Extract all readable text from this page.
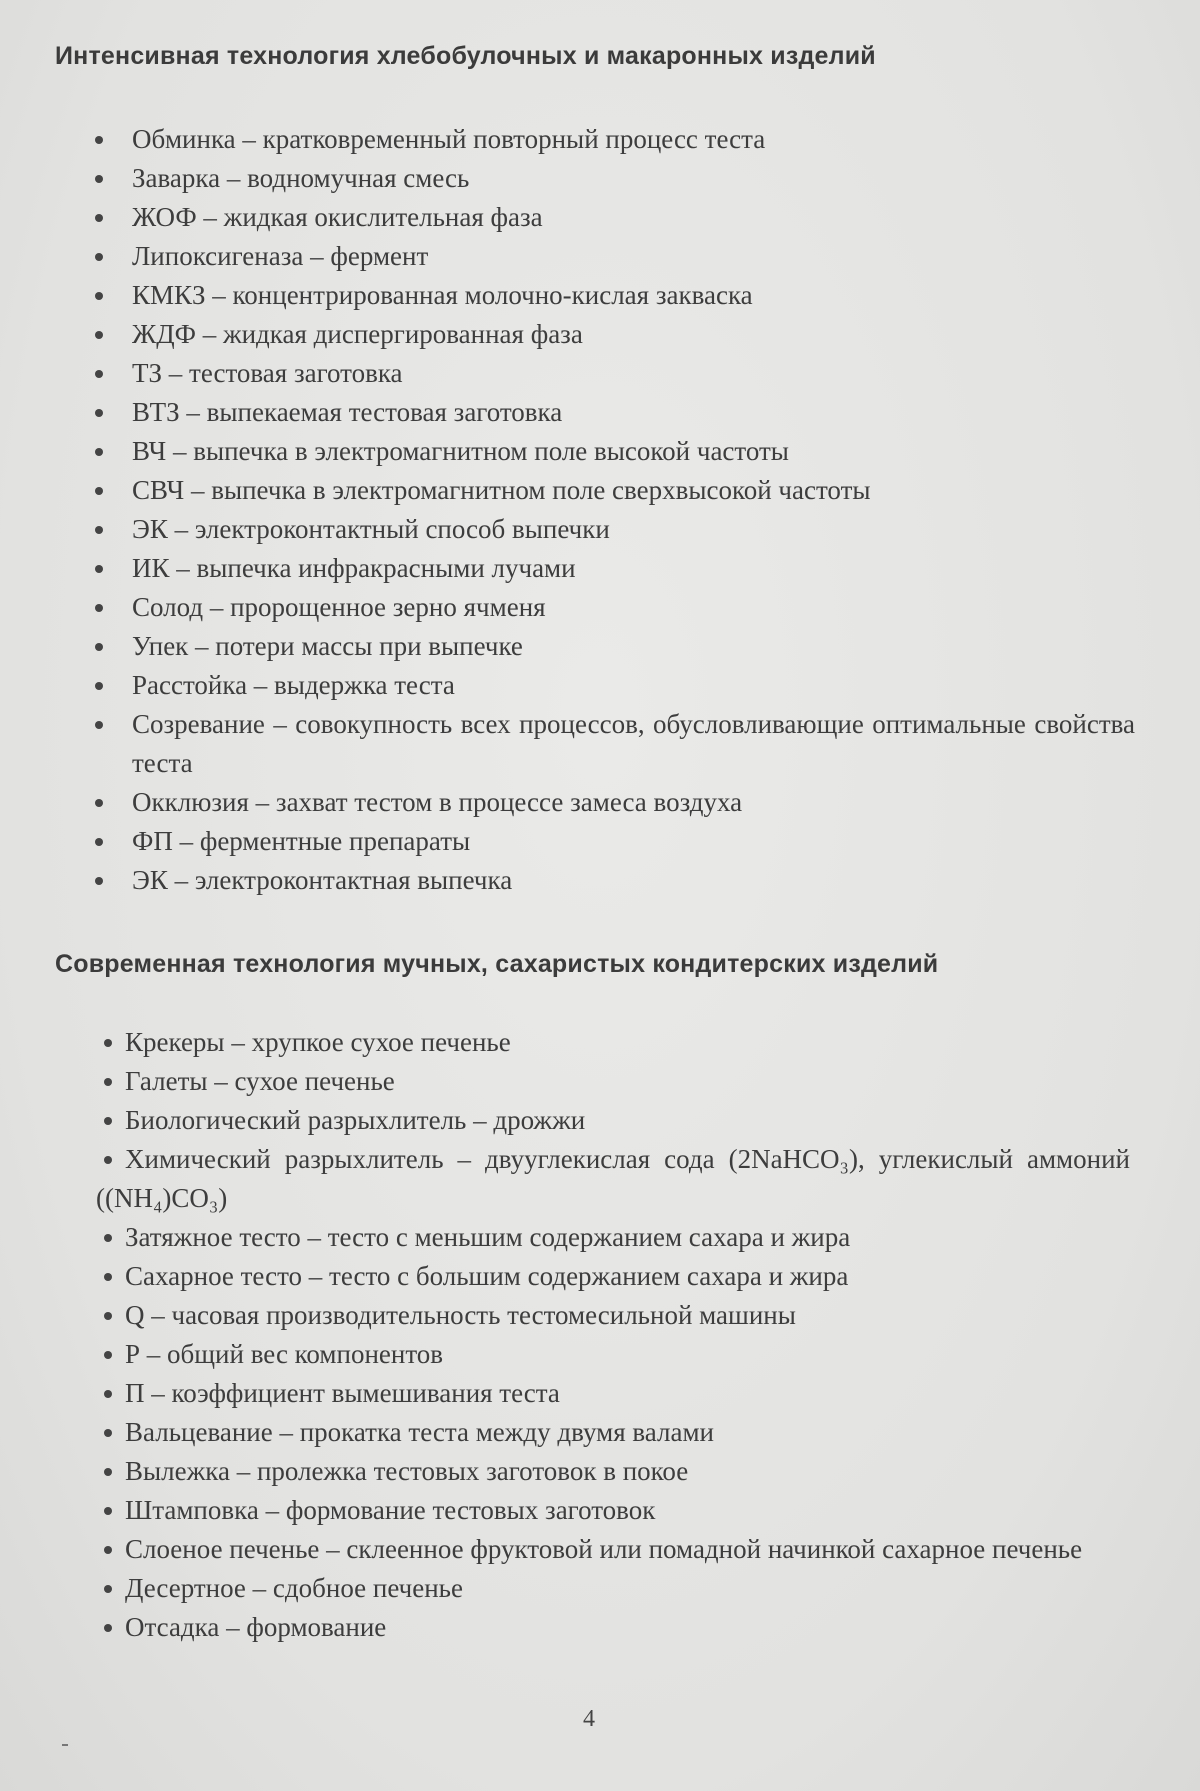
Интенсивная технология хлебобулочных и макаронных изделий
Обминка – кратковременный повторный процесс теста
Заварка – водномучная смесь
ЖОФ – жидкая окислительная фаза
Липоксигеназа – фермент
КМКЗ – концентрированная молочно-кислая закваска
ЖДФ – жидкая диспергированная фаза
ТЗ – тестовая заготовка
ВТЗ – выпекаемая тестовая заготовка
ВЧ – выпечка в электромагнитном поле высокой частоты
СВЧ – выпечка в электромагнитном поле сверхвысокой частоты
ЭК – электроконтактный способ выпечки
ИК – выпечка инфракрасными лучами
Солод – пророщенное зерно ячменя
Упек – потери массы при выпечке
Расстойка – выдержка теста
Созревание – совокупность всех процессов, обусловливающие оптимальные свойства теста
Окклюзия – захват тестом в процессе замеса воздуха
ФП – ферментные препараты
ЭК – электроконтактная выпечка
Современная технология мучных, сахаристых кондитерских изделий
Крекеры – хрупкое сухое печенье
Галеты – сухое печенье
Биологический разрыхлитель – дрожжи
Химический разрыхлитель – двууглекислая сода (2NaHCO₃), углекислый аммоний ((NH₄)CO₃)
Затяжное тесто – тесто с меньшим содержанием сахара и жира
Сахарное тесто – тесто с большим содержанием сахара и жира
Q – часовая производительность тестомесильной машины
Р – общий вес компонентов
П – коэффициент вымешивания теста
Вальцевание – прокатка теста между двумя валами
Вылежка – пролежка тестовых заготовок в покое
Штамповка – формование тестовых заготовок
Слоеное печенье – склеенное фруктовой или помадной начинкой сахарное печенье
Десертное – сдобное печенье
Отсадка – формование
4
